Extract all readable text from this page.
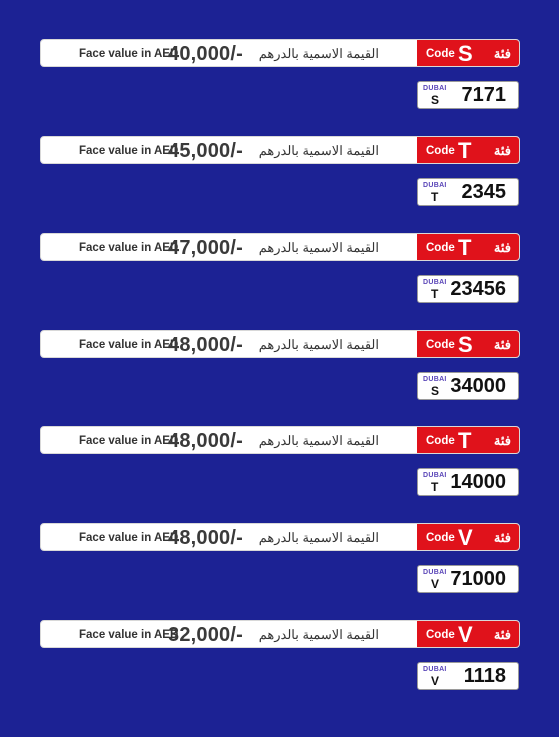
Face value in AED
40,000/- القيمة الاسمية بالدرهم	Code S فئة
DUBAI
S 7171
Face value in AED
45,000/- القيمة الاسمية بالدرهم	Code T فئة
DUBAI
T 2345
Face value in AED
47,000/- القيمة الاسمية بالدرهم	Code T فئة
DUBAI
T 23456
Face value in AED
48,000/- القيمة الاسمية بالدرهم	Code S فئة
DUBAI
S 34000
Face value in AED
48,000/- القيمة الاسمية بالدرهم	Code T فئة
DUBAI
T 14000
Face value in AED
48,000/- القيمة الاسمية بالدرهم	Code V فئة
DUBAI
V 71000
Face value in AED
32,000/- القيمة الاسمية بالدرهم	Code V فئة
DUBAI
V 1118
